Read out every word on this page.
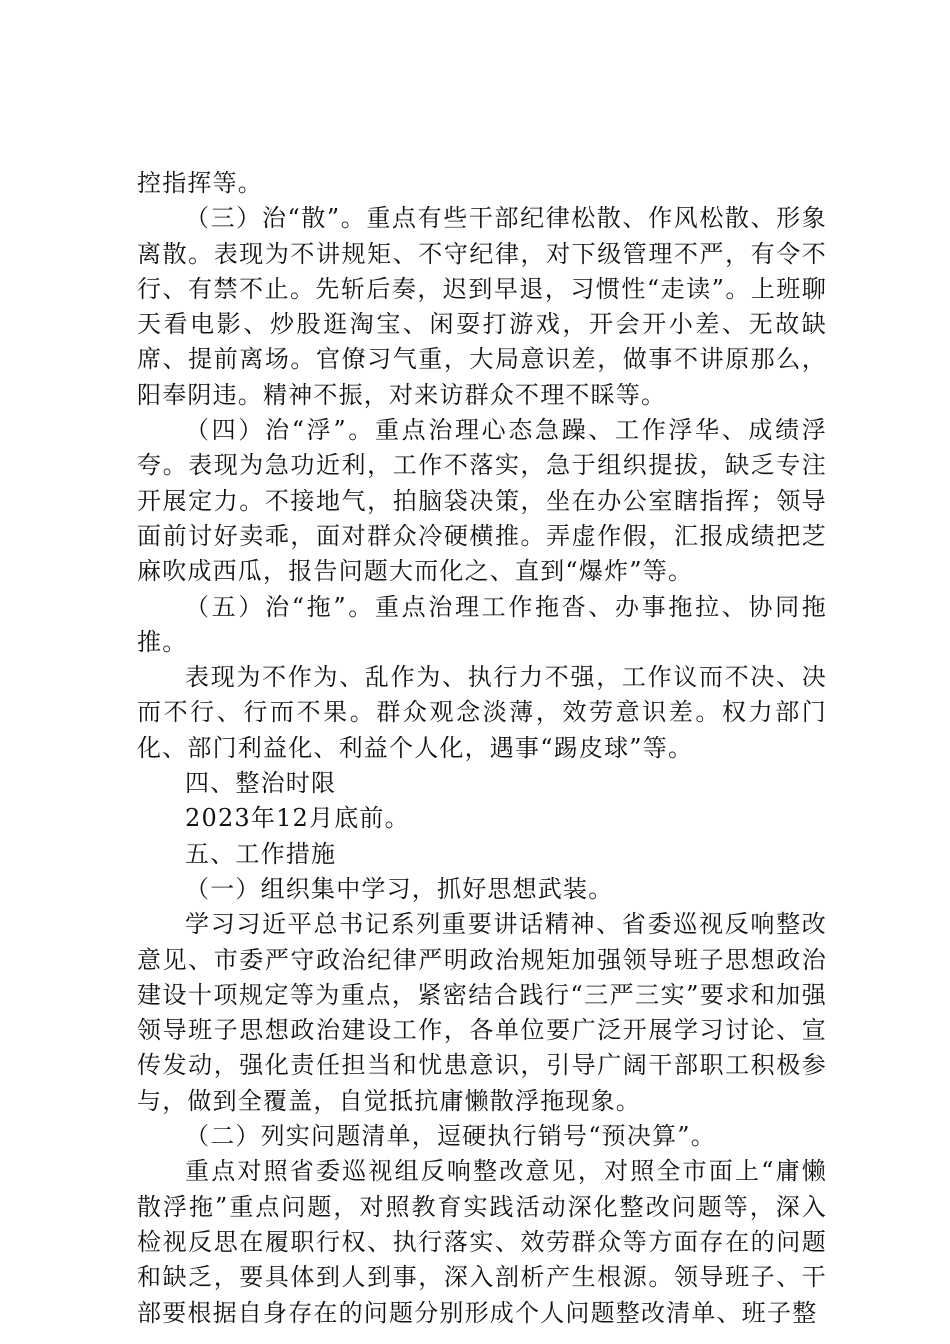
控指挥等。

（三）治“散”。重点有些干部纪律松散、作风松散、形象离散。表现为不讲规矩、不守纪律，对下级管理不严，有令不行、有禁不止。先斩后奏，迟到早退，习惯性“走读”。上班聊天看电影、炒股逛淘宝、闲耍打游戏，开会开小差、无故缺席、提前离场。官僚习气重，大局意识差，做事不讲原那么，阳奉阴违。精神不振，对来访群众不理不睬等。

（四）治“浮”。重点治理心态急躁、工作浮华、成绩浮夸。表现为急功近利，工作不落实，急于组织提拔，缺乏专注开展定力。不接地气，拍脑袋决策，坐在办公室瞎指挥；领导面前讨好卖乖，面对群众冷硬横推。弄虚作假，汇报成绩把芝麻吹成西瓜，报告问题大而化之、直到“爆炸”等。

（五）治“拖”。重点治理工作拖沓、办事拖拉、协同拖推。

表现为不作为、乱作为、执行力不强，工作议而不决、决而不行、行而不果。群众观念淡薄，效劳意识差。权力部门化、部门利益化、利益个人化，遇事“踢皮球”等。

四、整治时限

2023年12月底前。

五、工作措施

（一）组织集中学习，抓好思想武装。

学习习近平总书记系列重要讲话精神、省委巡视反响整改意见、市委严守政治纪律严明政治规矩加强领导班子思想政治建设十项规定等为重点，紧密结合践行“三严三实”要求和加强领导班子思想政治建设工作，各单位要广泛开展学习讨论、宣传发动，强化责任担当和忧患意识，引导广阔干部职工积极参与，做到全覆盖，自觉抵抗庸懒散浮拖现象。

（二）列实问题清单，逗硬执行销号“预决算”。

重点对照省委巡视组反响整改意见，对照全市面上“庸懒散浮拖”重点问题，对照教育实践活动深化整改问题等，深入检视反思在履职行权、执行落实、效劳群众等方面存在的问题和缺乏，要具体到人到事，深入剖析产生根源。领导班子、干部要根据自身存在的问题分别形成个人问题整改清单、班子整
